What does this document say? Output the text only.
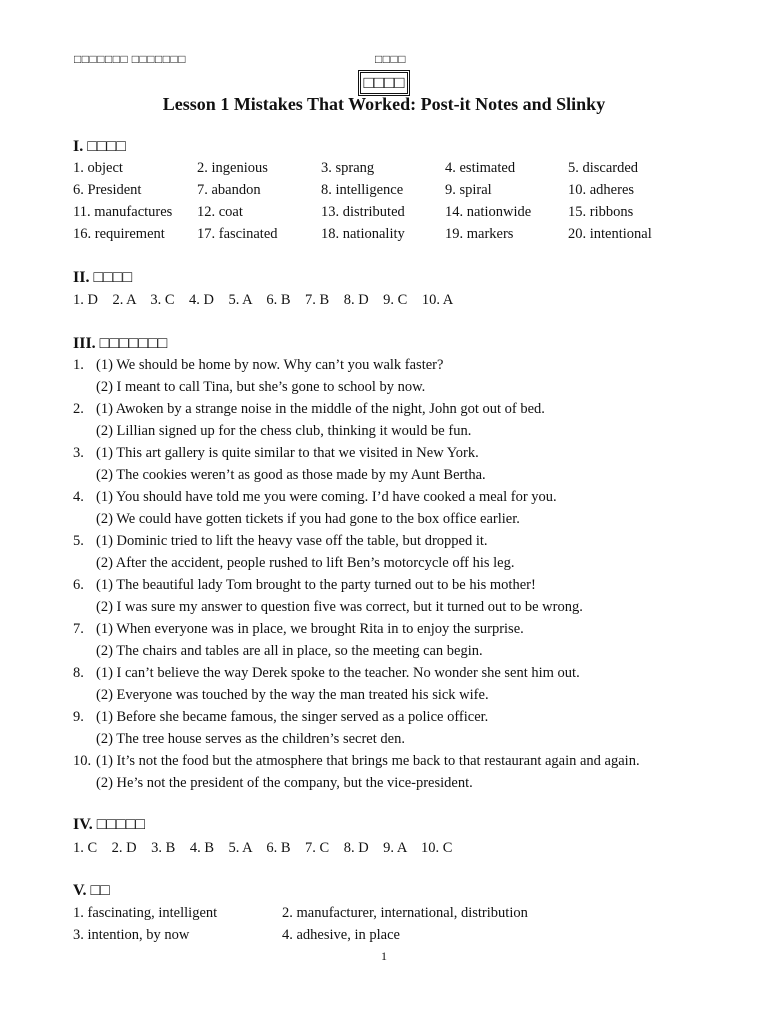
□□□□□□□ □□□□□□□	□□□□
□□□□
Lesson 1 Mistakes That Worked: Post-it Notes and Slinky
I. □□□□
1. object	2. ingenious	3. sprang	4. estimated	5. discarded
6. President	7. abandon	8. intelligence	9. spiral	10. adheres
11. manufactures 12. coat	13. distributed	14. nationwide	15. ribbons
16. requirement 17. fascinated	18. nationality	19. markers	20. intentional
II. □□□□
1. D    2. A    3. C    4. D    5. A    6. B    7. B    8. D    9. C    10. A
III. □□□□□□□
1. (1) We should be home by now. Why can’t you walk faster?
(2) I meant to call Tina, but she’s gone to school by now.
2. (1) Awoken by a strange noise in the middle of the night, John got out of bed.
(2) Lillian signed up for the chess club, thinking it would be fun.
3. (1) This art gallery is quite similar to that we visited in New York.
(2) The cookies weren’t as good as those made by my Aunt Bertha.
4. (1) You should have told me you were coming. I’d have cooked a meal for you.
(2) We could have gotten tickets if you had gone to the box office earlier.
5. (1) Dominic tried to lift the heavy vase off the table, but dropped it.
(2) After the accident, people rushed to lift Ben’s motorcycle off his leg.
6. (1) The beautiful lady Tom brought to the party turned out to be his mother!
(2) I was sure my answer to question five was correct, but it turned out to be wrong.
7. (1) When everyone was in place, we brought Rita in to enjoy the surprise.
(2) The chairs and tables are all in place, so the meeting can begin.
8. (1) I can’t believe the way Derek spoke to the teacher. No wonder she sent him out.
(2) Everyone was touched by the way the man treated his sick wife.
9. (1) Before she became famous, the singer served as a police officer.
(2) The tree house serves as the children’s secret den.
10. (1) It’s not the food but the atmosphere that brings me back to that restaurant again and again.
(2) He’s not the president of the company, but the vice-president.
IV. □□□□□
1. C    2. D    3. B    4. B    5. A    6. B    7. C    8. D    9. A    10. C
V. □□
1. fascinating, intelligent	2. manufacturer, international, distribution
3. intention, by now	4. adhesive, in place
1
